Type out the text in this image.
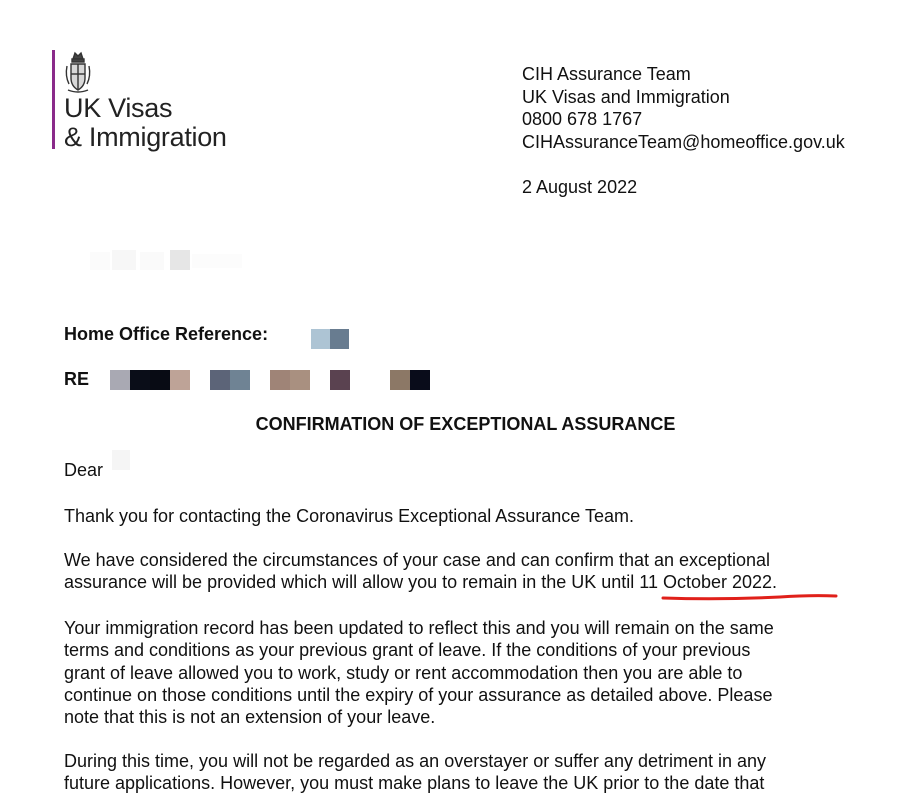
UK Visas
& Immigration
CIH Assurance Team
UK Visas and Immigration
0800 678 1767
CIHAssuranceTeam@homeoffice.gov.uk
2 August 2022
Home Office Reference:
RE
CONFIRMATION OF EXCEPTIONAL ASSURANCE
Dear
Thank you for contacting the Coronavirus Exceptional Assurance Team.
We have considered the circumstances of your case and can confirm that an exceptional
assurance will be provided which will allow you to remain in the UK until 11 October 2022.
Your immigration record has been updated to reflect this and you will remain on the same
terms and conditions as your previous grant of leave. If the conditions of your previous
grant of leave allowed you to work, study or rent accommodation then you are able to
continue on those conditions until the expiry of your assurance as detailed above. Please
note that this is not an extension of your leave.
During this time, you will not be regarded as an overstayer or suffer any detriment in any
future applications. However, you must make plans to leave the UK prior to the date that
